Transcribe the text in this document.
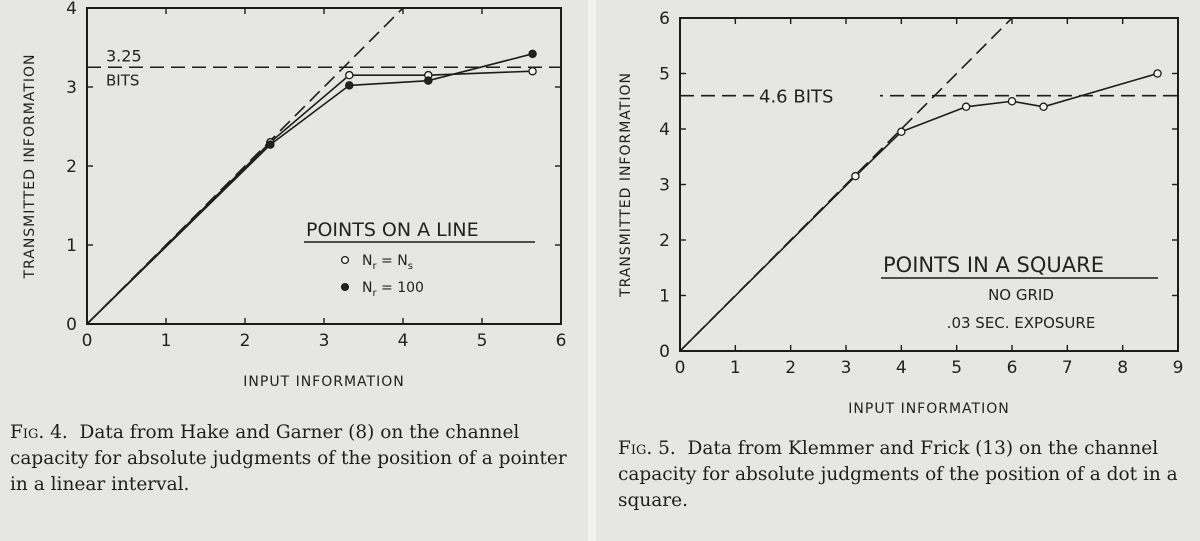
0	1	2	3	4	5	6
0
1
2
3
4
INPUT INFORMATION
TRANSMITTED INFORMATION	3.25
BITS
POINTS ON A LINE
$N_r = N_s$
$N_r = 100$

Fig. 4. Data from Hake and Garner (8) on the channel capacity for absolute judgments of the position of a pointer in a linear interval.

0	1	2	3	4	5	6	7	8	9
0
1
2
3
4
5
6
INPUT INFORMATION
TRANSMITTED INFORMATION	4.6 BITS
POINTS IN A SQUARE
NO GRID
.03 SEC. EXPOSURE

Fig. 5. Data from Klemmer and Frick (13) on the channel capacity for absolute judgments of the position of a dot in a square.
